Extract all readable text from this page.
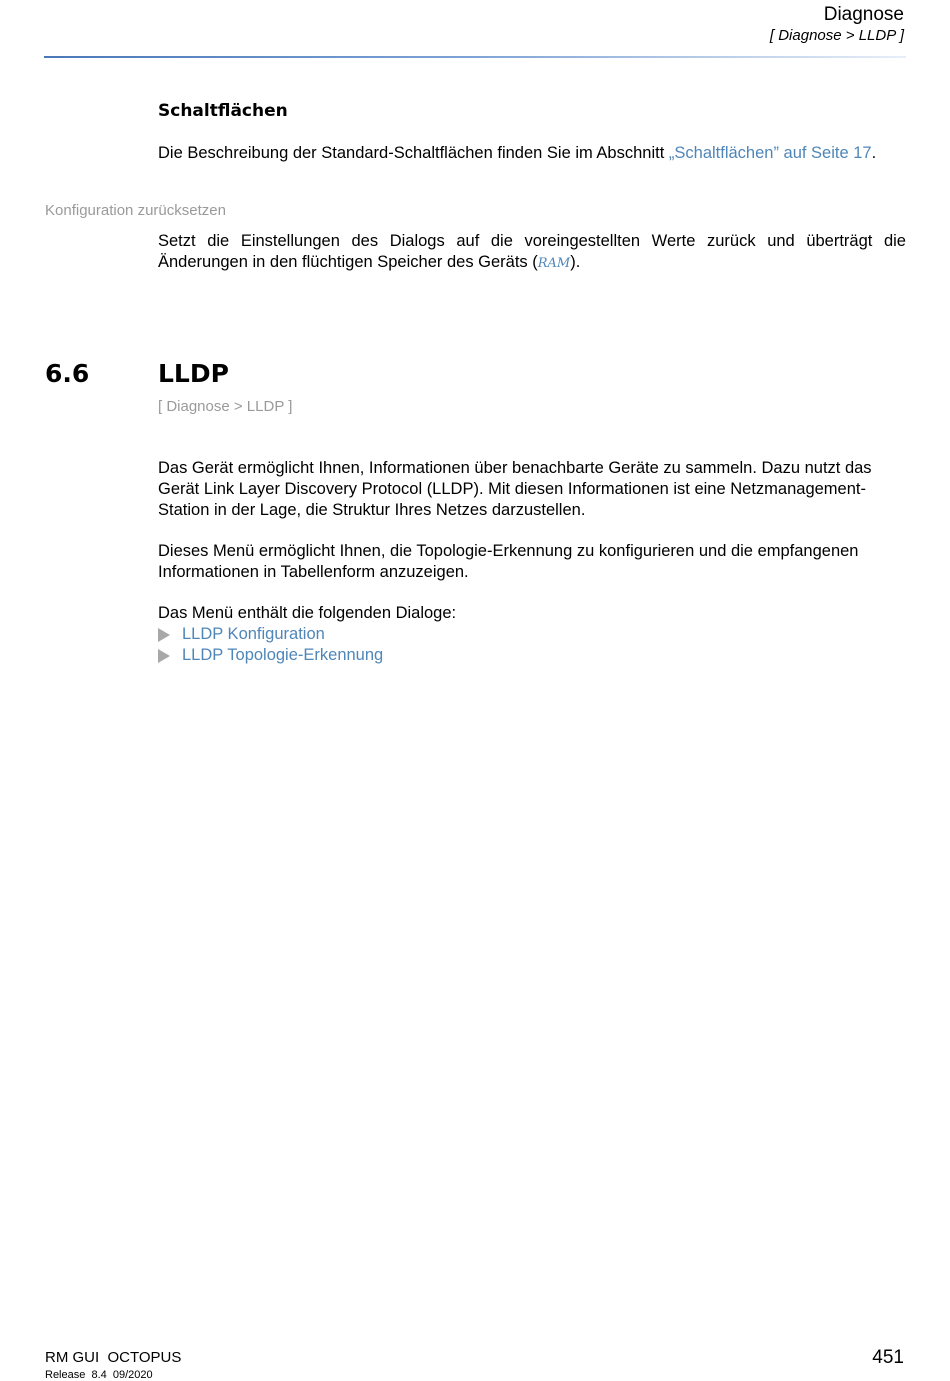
Diagnose
[ Diagnose > LLDP ]
Schaltflächen
Die Beschreibung der Standard-Schaltflächen finden Sie im Abschnitt „Schaltflächen” auf Seite 17.
Konfiguration zurücksetzen
Setzt die Einstellungen des Dialogs auf die voreingestellten Werte zurück und überträgt die Änderungen in den flüchtigen Speicher des Geräts (RAM).
6.6	LLDP
[ Diagnose > LLDP ]
Das Gerät ermöglicht Ihnen, Informationen über benachbarte Geräte zu sammeln. Dazu nutzt das Gerät Link Layer Discovery Protocol (LLDP). Mit diesen Informationen ist eine Netzmanagement-Station in der Lage, die Struktur Ihres Netzes darzustellen.
Dieses Menü ermöglicht Ihnen, die Topologie-Erkennung zu konfigurieren und die empfangenen Informationen in Tabellenform anzuzeigen.
Das Menü enthält die folgenden Dialoge:
LLDP Konfiguration
LLDP Topologie-Erkennung
RM GUI  OCTOPUS
Release  8.4  09/2020
451
